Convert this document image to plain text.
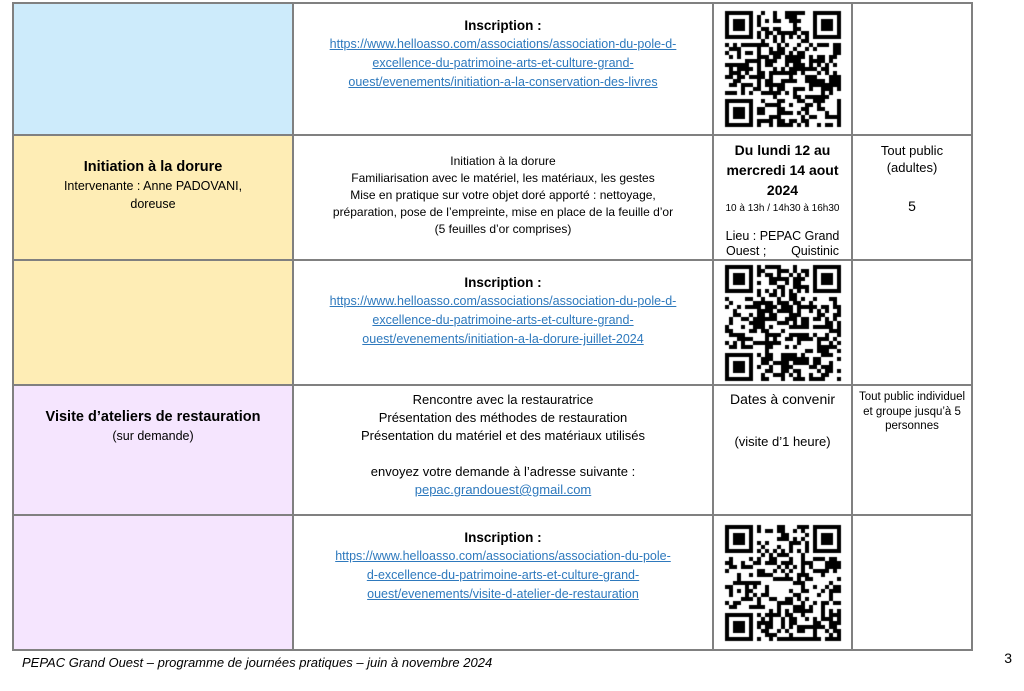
Inscription :
https://www.helloasso.com/associations/association-du-pole-d-
excellence-du-patrimoine-arts-et-culture-grand-
ouest/evenements/initiation-a-la-conservation-des-livres
Initiation à la dorure
Intervenante : Anne PADOVANI,
doreuse
Initiation à la dorure
Familiarisation avec le matériel, les matériaux, les gestes
Mise en pratique sur votre objet doré apporté : nettoyage,
préparation, pose de l’empreinte, mise en place de la feuille d’or
(5 feuilles d’or comprises)
Du lundi 12 au
mercredi 14 aout
2024
10 à 13h / 14h30 à 16h30
Lieu : PEPAC Grand
Ouest ; Quistinic
Tout public
(adultes)
5
Inscription :
https://www.helloasso.com/associations/association-du-pole-d-
excellence-du-patrimoine-arts-et-culture-grand-
ouest/evenements/initiation-a-la-dorure-juillet-2024
Visite d’ateliers de restauration
(sur demande)
Rencontre avec la restauratrice
Présentation des méthodes de restauration
Présentation du matériel et des matériaux utilisés
envoyez votre demande à l’adresse suivante :
pepac.grandouest@gmail.com
Dates à convenir
(visite d’1 heure)
Tout public individuel et groupe jusqu’à 5 personnes
Inscription :
https://www.helloasso.com/associations/association-du-pole-
d-excellence-du-patrimoine-arts-et-culture-grand-
ouest/evenements/visite-d-atelier-de-restauration
PEPAC Grand Ouest – programme de journées pratiques – juin à novembre 2024	3
